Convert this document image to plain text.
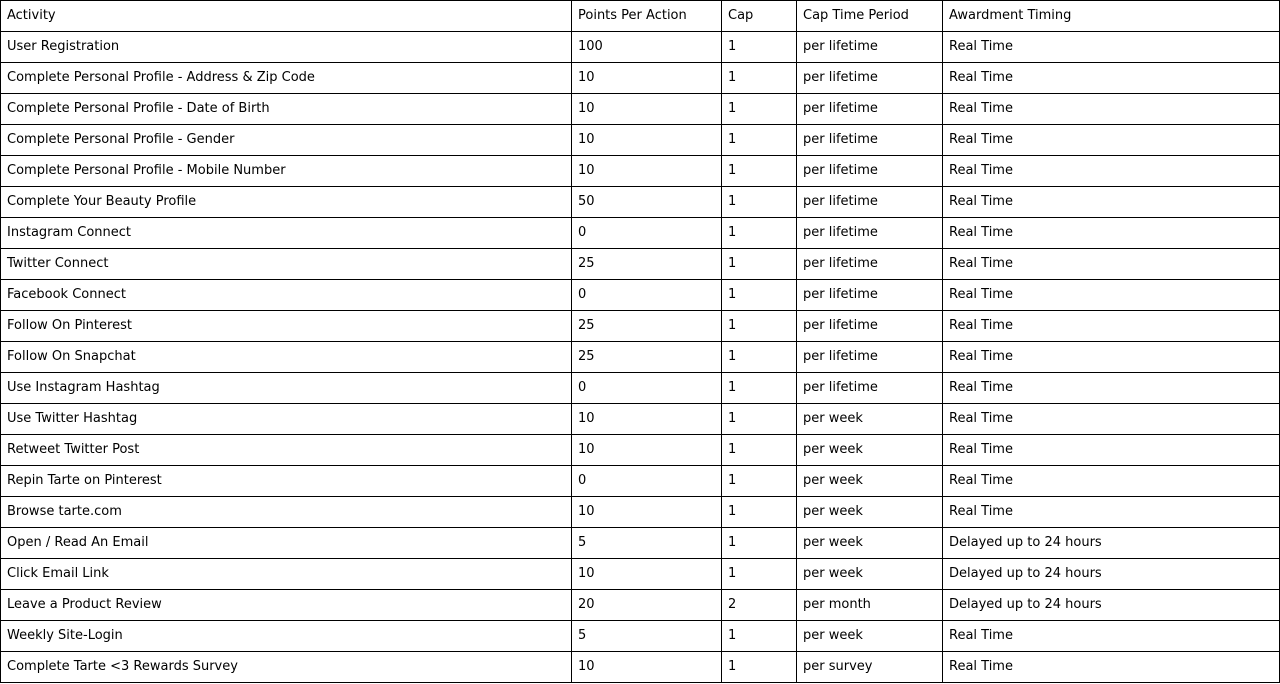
Activity	Points Per Action	Cap	Cap Time Period	Awardment Timing
User Registration	100	1	per lifetime	Real Time
Complete Personal Profile - Address & Zip Code	10	1	per lifetime	Real Time
Complete Personal Profile - Date of Birth	10	1	per lifetime	Real Time
Complete Personal Profile - Gender	10	1	per lifetime	Real Time
Complete Personal Profile - Mobile Number	10	1	per lifetime	Real Time
Complete Your Beauty Profile	50	1	per lifetime	Real Time
Instagram Connect	0	1	per lifetime	Real Time
Twitter Connect	25	1	per lifetime	Real Time
Facebook Connect	0	1	per lifetime	Real Time
Follow On Pinterest	25	1	per lifetime	Real Time
Follow On Snapchat	25	1	per lifetime	Real Time
Use Instagram Hashtag	0	1	per lifetime	Real Time
Use Twitter Hashtag	10	1	per week	Real Time
Retweet Twitter Post	10	1	per week	Real Time
Repin Tarte on Pinterest	0	1	per week	Real Time
Browse tarte.com	10	1	per week	Real Time
Open / Read An Email	5	1	per week	Delayed up to 24 hours
Click Email Link	10	1	per week	Delayed up to 24 hours
Leave a Product Review	20	2	per month	Delayed up to 24 hours
Weekly Site-Login	5	1	per week	Real Time
Complete Tarte <3 Rewards Survey	10	1	per survey	Real Time
